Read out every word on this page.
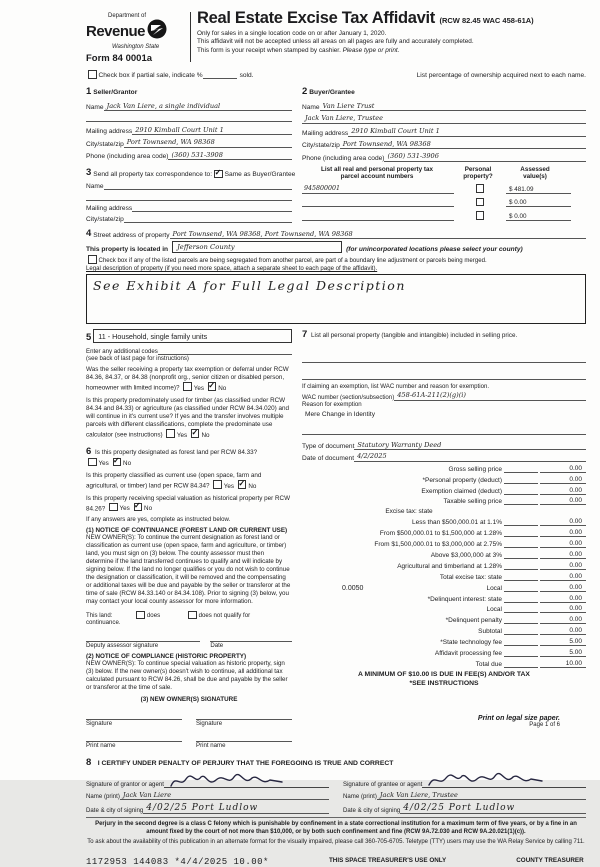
Department of
Revenue
Washington State
Form 84 0001a
Real Estate Excise Tax Affidavit (RCW 82.45 WAC 458-61A)
Only for sales in a single location code on or after January 1, 2020.
This affidavit will not be accepted unless all areas on all pages are fully and accurately completed.
This form is your receipt when stamped by cashier. Please type or print.
Check box if partial sale, indicate %	sold.	List percentage of ownership acquired next to each name.
1 Seller/Grantor
Name Jack Van Liere, a single individual
Mailing address 2910 Kimball Court Unit 1
City/state/zip Port Townsend, WA 98368
Phone (including area code) (360) 531-3908
3 Send all property tax correspondence to: ✓ Same as Buyer/Grantee
Name
Mailing address
City/state/zip
2 Buyer/Grantee
Name Van Liere Trust
Jack Van Liere, Trustee
Mailing address 2910 Kimball Court Unit 1
City/state/zip Port Townsend, WA 98368
Phone (including area code) (360) 531-3906
List all real and personal property tax
parcel account numbers
Personal
property?
Assessed
value(s)
945800001	$ 481.09
$ 0.00
$ 0.00
4 Street address of property Port Townsend, WA 98368, Port Townsend, WA 98368
This property is located in	Jefferson County	(for unincorporated locations please select your county)
Check box if any of the listed parcels are being segregated from another parcel, are part of a boundary line adjustment or parcels being merged.
Legal description of property (if you need more space, attach a separate sheet to each page of the affidavit).
See Exhibit A for Full Legal Description
5 11 - Household, single family units
Enter any additional codes
(see back of last page for instructions)
Was the seller receiving a property tax exemption or deferral under RCW 84.36, 84.37, or 84.38 (nonprofit org., senior citizen or disabled person, homeowner with limited income)? Yes ✓ No
Is this property predominately used for timber (as classified under RCW 84.34 and 84.33) or agriculture (as classified under RCW 84.34.020) and will continue in it's current use? If yes and the transfer involves multiple parcels with different classifications, complete the predominate use calculator (see instructions) Yes ✓ No
6 Is this property designated as forest land per RCW 84.33? Yes ✓ No
Is this property classified as current use (open space, farm and agricultural, or timber) land per RCW 84.34? Yes ✓ No
Is this property receiving special valuation as historical property per RCW 84.26? Yes ✓ No
If any answers are yes, complete as instructed below.
(1) NOTICE OF CONTINUANCE (FOREST LAND OR CURRENT USE)
NEW OWNER(S): To continue the current designation as forest land or classification as current use (open space, farm and agriculture, or timber) land, you must sign on (3) below. The county assessor must then determine if the land transferred continues to qualify and will indicate by signing below. If the land no longer qualifies or you do not wish to continue the designation or classification, it will be removed and the compensating or additional taxes will be due and payable by the seller or transferor at the time of sale (RCW 84.33.140 or 84.34.108). Prior to signing (3) below, you may contact your local county assessor for more information.
This land:	does	does not qualify for
continuance.
Deputy assessor signature	Date
(2) NOTICE OF COMPLIANCE (HISTORIC PROPERTY)
NEW OWNER(S): To continue special valuation as historic property, sign (3) below. If the new owner(s) doesn't wish to continue, all additional tax calculated pursuant to RCW 84.26, shall be due and payable by the seller or transferor at the time of sale.
(3) NEW OWNER(S) SIGNATURE
Signature	Signature
Print name	Print name
7 List all personal property (tangible and intangible) included in selling price.
If claiming an exemption, list WAC number and reason for exemption.
WAC number (section/subsection) 458-61A-211(2)(g)(i)
Reason for exemption
Mere Change in Identity
Type of document Statutory Warranty Deed
Date of document 4/2/2025
Gross selling price	0.00
*Personal property (deduct)	0.00
Exemption claimed (deduct)	0.00
Taxable selling price	0.00
Excise tax: state
Less than $500,000.01 at 1.1%	0.00
From $500,000.01 to $1,500,000 at 1.28%	0.00
From $1,500,000.01 to $3,000,000 at 2.75%	0.00
Above $3,000,000 at 3%	0.00
Agricultural and timberland at 1.28%	0.00
Total excise tax: state	0.00
0.0050	Local	0.00
*Delinquent interest: state	0.00
Local	0.00
*Delinquent penalty	0.00
Subtotal	0.00
*State technology fee	5.00
Affidavit processing fee	5.00
Total due	10.00
A MINIMUM OF $10.00 IS DUE IN FEE(S) AND/OR TAX
*SEE INSTRUCTIONS
8 I CERTIFY UNDER PENALTY OF PERJURY THAT THE FOREGOING IS TRUE AND CORRECT
Signature of grantor or agent
Name (print) Jack Van Liere
Date & city of signing 4/02/25 Port Ludlow
Signature of grantee or agent
Name (print) Jack Van Liere, Trustee
Date & city of signing 4/02/25 Port Ludlow
Perjury in the second degree is a class C felony which is punishable by confinement in a state correctional institution for a maximum term of five years, or by a fine in an amount fixed by the court of not more than $10,000, or by both such confinement and fine (RCW 9A.72.030 and RCW 9A.20.021(1)(c)).
To ask about the availability of this publication in an alternate format for the visually impaired, please call 360-705-6705. Teletype (TTY) users may use the WA Relay Service by calling 711.
1172953 144083 *4/4/2025 10.00*	THIS SPACE TREASURER'S USE ONLY	COUNTY TREASURER
Print on legal size paper.
Page 1 of 6
